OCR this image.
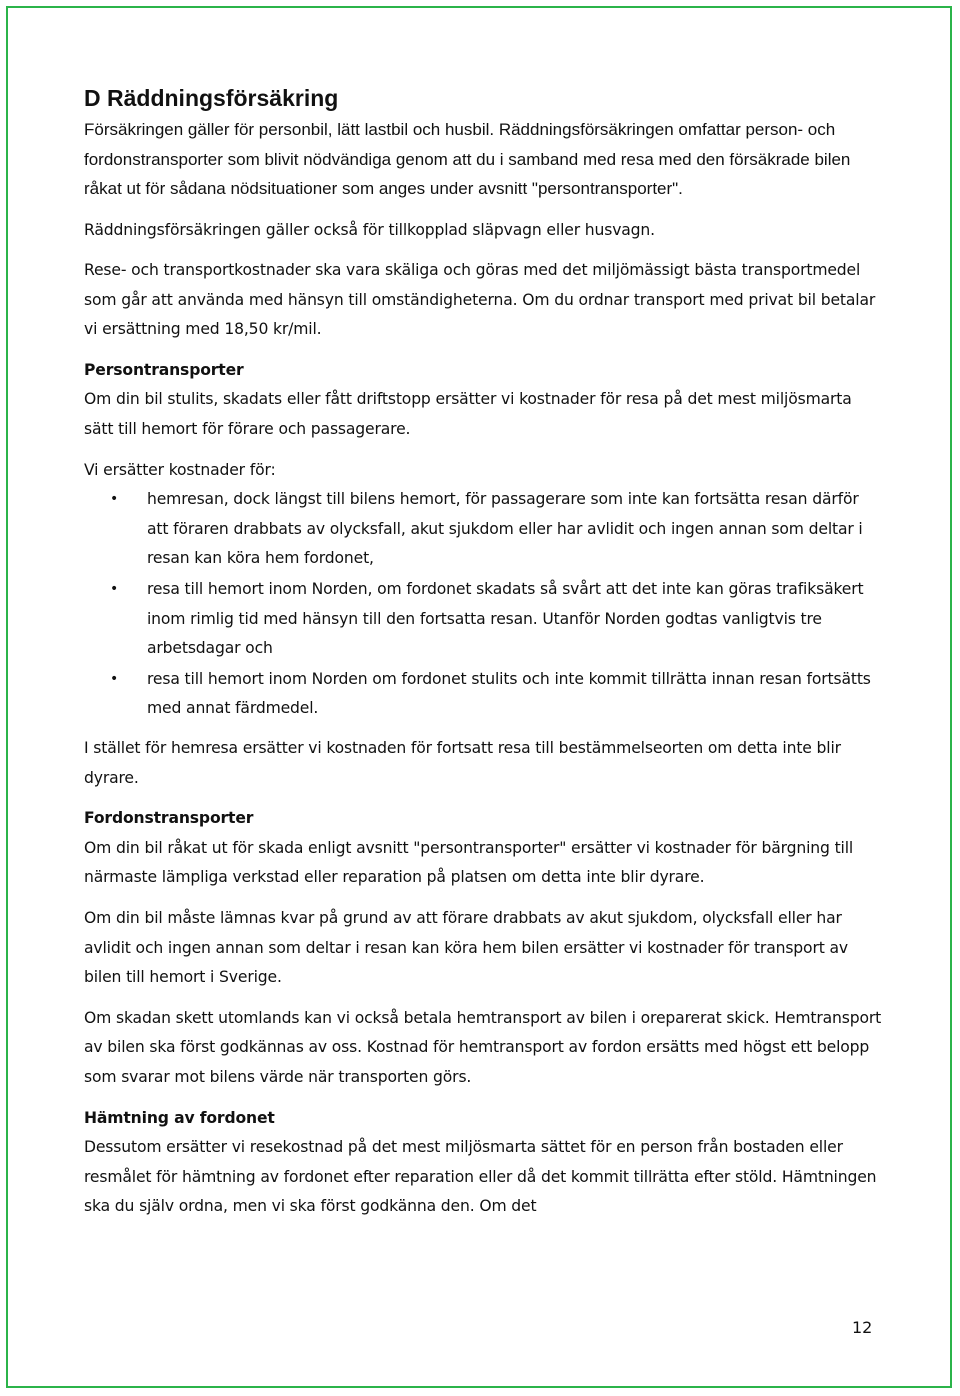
D Räddningsförsäkring

Försäkringen gäller för personbil, lätt lastbil och husbil. Räddningsförsäkringen omfattar person- och fordonstransporter som blivit nödvändiga genom att du i samband med resa med den försäkrade bilen råkat ut för sådana nödsituationer som anges under avsnitt "persontransporter".

Räddningsförsäkringen gäller också för tillkopplad släpvagn eller husvagn.

Rese- och transportkostnader ska vara skäliga och göras med det miljömässigt bästa transportmedel som går att använda med hänsyn till omständigheterna. Om du ordnar transport med privat bil betalar vi ersättning med 18,50 kr/mil.

Persontransporter

Om din bil stulits, skadats eller fått driftstopp ersätter vi kostnader för resa på det mest miljösmarta sätt till hemort för förare och passagerare.

Vi ersätter kostnader för:

• hemresan, dock längst till bilens hemort, för passagerare som inte kan fortsätta resan därför att föraren drabbats av olycksfall, akut sjukdom eller har avlidit och ingen annan som deltar i resan kan köra hem fordonet,
• resa till hemort inom Norden, om fordonet skadats så svårt att det inte kan göras trafiksäkert inom rimlig tid med hänsyn till den fortsatta resan. Utanför Norden godtas vanligtvis tre arbetsdagar och
• resa till hemort inom Norden om fordonet stulits och inte kommit tillrätta innan resan fortsätts med annat färdmedel.

I stället för hemresa ersätter vi kostnaden för fortsatt resa till bestämmelseorten om detta inte blir dyrare.

Fordonstransporter

Om din bil råkat ut för skada enligt avsnitt "persontransporter" ersätter vi kostnader för bärgning till närmaste lämpliga verkstad eller reparation på platsen om detta inte blir dyrare.

Om din bil måste lämnas kvar på grund av att förare drabbats av akut sjukdom, olycksfall eller har avlidit och ingen annan som deltar i resan kan köra hem bilen ersätter vi kostnader för transport av bilen till hemort i Sverige.

Om skadan skett utomlands kan vi också betala hemtransport av bilen i oreparerat skick. Hemtransport av bilen ska först godkännas av oss. Kostnad för hemtransport av fordon ersätts med högst ett belopp som svarar mot bilens värde när transporten görs.

Hämtning av fordonet

Dessutom ersätter vi resekostnad på det mest miljösmarta sättet för en person från bostaden eller resmålet för hämtning av fordonet efter reparation eller då det kommit tillrätta efter stöld. Hämtningen ska du själv ordna, men vi ska först godkänna den. Om det

12
